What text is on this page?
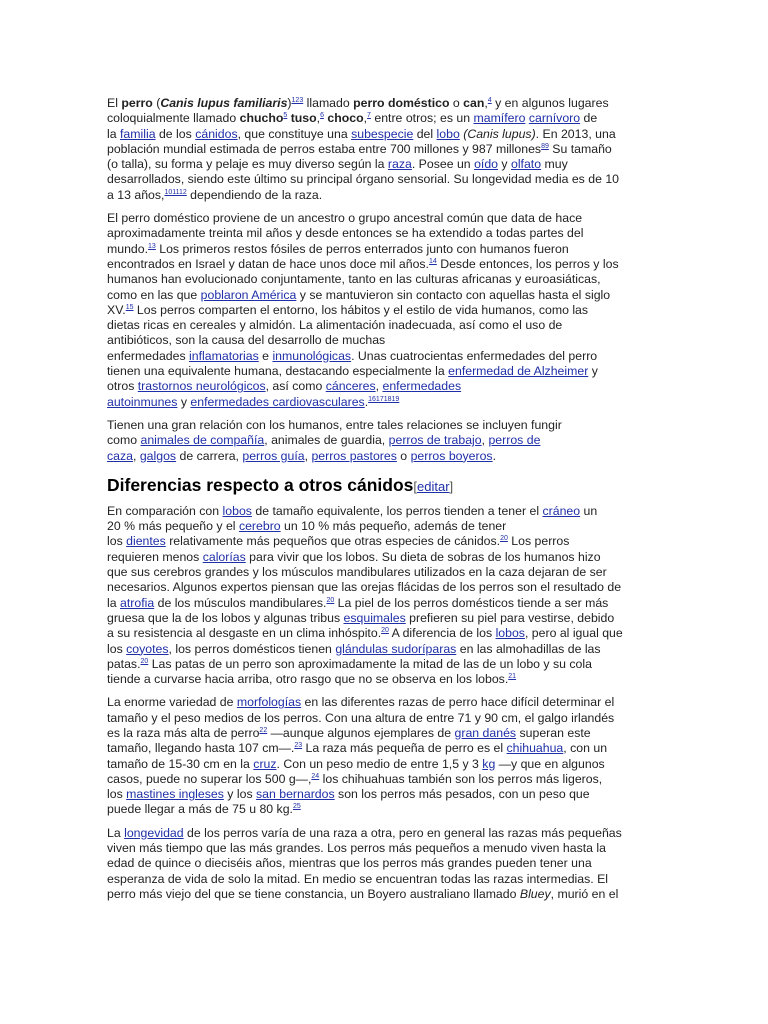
El perro (Canis lupus familiaris)$^{123}$ llamado perro doméstico o can,$^4$ y en algunos lugares
coloquialmente llamado chucho$^5$ tuso,$^6$ choco,$^7$ entre otros; es un mamífero carnívoro de
la familia de los cánidos, que constituye una subespecie del lobo (Canis lupus). En 2013, una
población mundial estimada de perros estaba entre 700 millones y 987 millones$^{89}$ Su tamaño
(o talla), su forma y pelaje es muy diverso según la raza. Posee un oído y olfato muy
desarrollados, siendo este último su principal órgano sensorial. Su longevidad media es de 10
a 13 años,$^{101112}$ dependiendo de la raza.
El perro doméstico proviene de un ancestro o grupo ancestral común que data de hace
aproximadamente treinta mil años y desde entonces se ha extendido a todas partes del
mundo.$^{13}$ Los primeros restos fósiles de perros enterrados junto con humanos fueron
encontrados en Israel y datan de hace unos doce mil años.$^{14}$ Desde entonces, los perros y los
humanos han evolucionado conjuntamente, tanto en las culturas africanas y euroasiáticas,
como en las que poblaron América y se mantuvieron sin contacto con aquellas hasta el siglo
XV.$^{15}$ Los perros comparten el entorno, los hábitos y el estilo de vida humanos, como las
dietas ricas en cereales y almidón. La alimentación inadecuada, así como el uso de
antibióticos, son la causa del desarrollo de muchas
enfermedades inflamatorias e inmunológicas. Unas cuatrocientas enfermedades del perro
tienen una equivalente humana, destacando especialmente la enfermedad de Alzheimer y
otros trastornos neurológicos, así como cánceres, enfermedades
autoinmunes y enfermedades cardiovasculares.$^{16171819}$
Tienen una gran relación con los humanos, entre tales relaciones se incluyen fungir
como animales de compañía, animales de guardia, perros de trabajo, perros de
caza, galgos de carrera, perros guía, perros pastores o perros boyeros.
Diferencias respecto a otros cánidos[editar]
En comparación con lobos de tamaño equivalente, los perros tienden a tener el cráneo un
20 % más pequeño y el cerebro un 10 % más pequeño, además de tener
los dientes relativamente más pequeños que otras especies de cánidos.$^{20}$ Los perros
requieren menos calorías para vivir que los lobos. Su dieta de sobras de los humanos hizo
que sus cerebros grandes y los músculos mandibulares utilizados en la caza dejaran de ser
necesarios. Algunos expertos piensan que las orejas flácidas de los perros son el resultado de
la atrofia de los músculos mandibulares.$^{20}$ La piel de los perros domésticos tiende a ser más
gruesa que la de los lobos y algunas tribus esquimales prefieren su piel para vestirse, debido
a su resistencia al desgaste en un clima inhóspito.$^{20}$ A diferencia de los lobos, pero al igual que
los coyotes, los perros domésticos tienen glándulas sudoríparas en las almohadillas de las
patas.$^{20}$ Las patas de un perro son aproximadamente la mitad de las de un lobo y su cola
tiende a curvarse hacia arriba, otro rasgo que no se observa en los lobos.$^{21}$
La enorme variedad de morfologías en las diferentes razas de perro hace difícil determinar el
tamaño y el peso medios de los perros. Con una altura de entre 71 y 90 cm, el galgo irlandés
es la raza más alta de perro$^{22}$ —aunque algunos ejemplares de gran danés superan este
tamaño, llegando hasta 107 cm—.$^{23}$ La raza más pequeña de perro es el chihuahua, con un
tamaño de 15-30 cm en la cruz. Con un peso medio de entre 1,5 y 3 kg —y que en algunos
casos, puede no superar los 500 g—,$^{24}$ los chihuahuas también son los perros más ligeros,
los mastines ingleses y los san bernardos son los perros más pesados, con un peso que
puede llegar a más de 75 u 80 kg.$^{25}$
La longevidad de los perros varía de una raza a otra, pero en general las razas más pequeñas
viven más tiempo que las más grandes. Los perros más pequeños a menudo viven hasta la
edad de quince o dieciséis años, mientras que los perros más grandes pueden tener una
esperanza de vida de solo la mitad. En medio se encuentran todas las razas intermedias. El
perro más viejo del que se tiene constancia, un Boyero australiano llamado Bluey, murió en el
